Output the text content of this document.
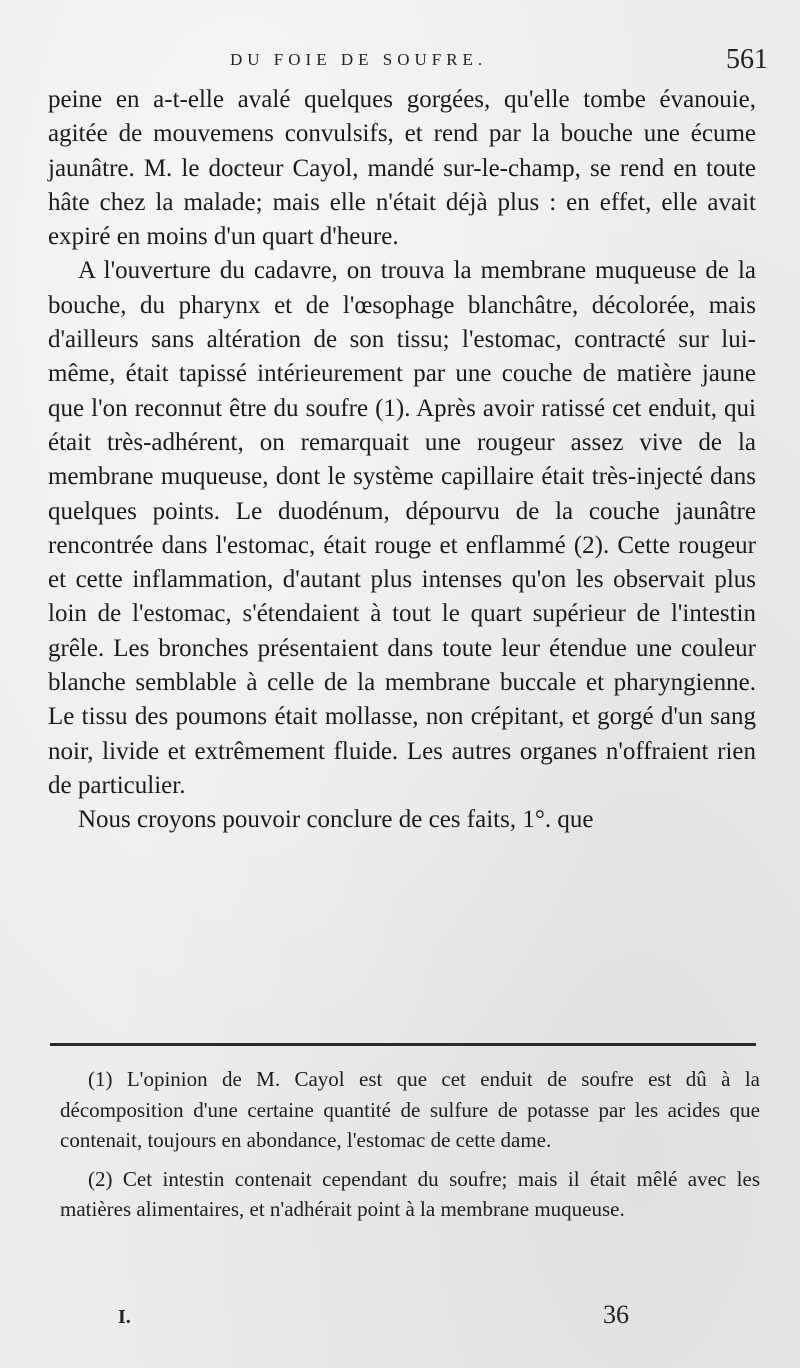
DU FOIE DE SOUFRE.	561

peine en a-t-elle avalé quelques gorgées, qu'elle tombe évanouie, agitée de mouvemens convulsifs, et rend par la bouche une écume jaunâtre. M. le docteur Cayol, mandé sur-le-champ, se rend en toute hâte chez la malade; mais elle n'était déjà plus : en effet, elle avait expiré en moins d'un quart d'heure.

A l'ouverture du cadavre, on trouva la membrane muqueuse de la bouche, du pharynx et de l'œsophage blanchâtre, décolorée, mais d'ailleurs sans altération de son tissu; l'estomac, contracté sur lui-même, était tapissé intérieurement par une couche de matière jaune que l'on reconnut être du soufre (1). Après avoir ratissé cet enduit, qui était très-adhérent, on remarquait une rougeur assez vive de la membrane muqueuse, dont le système capillaire était très-injecté dans quelques points. Le duodénum, dépourvu de la couche jaunâtre rencontrée dans l'estomac, était rouge et enflammé (2). Cette rougeur et cette inflammation, d'autant plus intenses qu'on les observait plus loin de l'estomac, s'étendaient à tout le quart supérieur de l'intestin grêle. Les bronches présentaient dans toute leur étendue une couleur blanche semblable à celle de la membrane buccale et pharyngienne. Le tissu des poumons était mollasse, non crépitant, et gorgé d'un sang noir, livide et extrêmement fluide. Les autres organes n'offraient rien de particulier.

Nous croyons pouvoir conclure de ces faits, 1°. que

(1) L'opinion de M. Cayol est que cet enduit de soufre est dû à la décomposition d'une certaine quantité de sulfure de potasse par les acides que contenait, toujours en abondance, l'estomac de cette dame.

(2) Cet intestin contenait cependant du soufre; mais il était mêlé avec les matières alimentaires, et n'adhérait point à la membrane muqueuse.

I.	36
